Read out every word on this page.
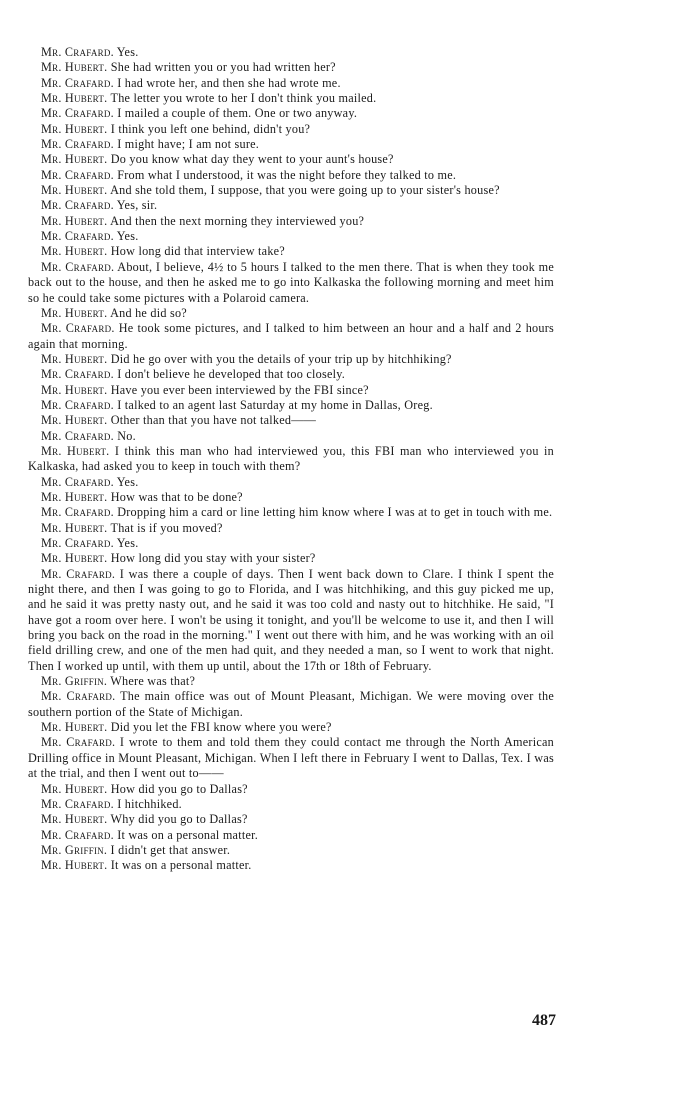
Mr. Crafard. Yes.

Mr. Hubert. She had written you or you had written her?

Mr. Crafard. I had wrote her, and then she had wrote me.

Mr. Hubert. The letter you wrote to her I don't think you mailed.

Mr. Crafard. I mailed a couple of them. One or two anyway.

Mr. Hubert. I think you left one behind, didn't you?

Mr. Crafard. I might have; I am not sure.

Mr. Hubert. Do you know what day they went to your aunt's house?

Mr. Crafard. From what I understood, it was the night before they talked to me.

Mr. Hubert. And she told them, I suppose, that you were going up to your sister's house?

Mr. Crafard. Yes, sir.

Mr. Hubert. And then the next morning they interviewed you?

Mr. Crafard. Yes.

Mr. Hubert. How long did that interview take?

Mr. Crafard. About, I believe, 4½ to 5 hours I talked to the men there. That is when they took me back out to the house, and then he asked me to go into Kalkaska the following morning and meet him so he could take some pictures with a Polaroid camera.

Mr. Hubert. And he did so?

Mr. Crafard. He took some pictures, and I talked to him between an hour and a half and 2 hours again that morning.

Mr. Hubert. Did he go over with you the details of your trip up by hitchhiking?

Mr. Crafard. I don't believe he developed that too closely.

Mr. Hubert. Have you ever been interviewed by the FBI since?

Mr. Crafard. I talked to an agent last Saturday at my home in Dallas, Oreg.

Mr. Hubert. Other than that you have not talked——

Mr. Crafard. No.

Mr. Hubert. I think this man who had interviewed you, this FBI man who interviewed you in Kalkaska, had asked you to keep in touch with them?

Mr. Crafard. Yes.

Mr. Hubert. How was that to be done?

Mr. Crafard. Dropping him a card or line letting him know where I was at to get in touch with me.

Mr. Hubert. That is if you moved?

Mr. Crafard. Yes.

Mr. Hubert. How long did you stay with your sister?

Mr. Crafard. I was there a couple of days. Then I went back down to Clare. I think I spent the night there, and then I was going to go to Florida, and I was hitchhiking, and this guy picked me up, and he said it was pretty nasty out, and he said it was too cold and nasty out to hitchhike. He said, "I have got a room over here. I won't be using it tonight, and you'll be welcome to use it, and then I will bring you back on the road in the morning." I went out there with him, and he was working with an oil field drilling crew, and one of the men had quit, and they needed a man, so I went to work that night. Then I worked up until, with them up until, about the 17th or 18th of February.

Mr. Griffin. Where was that?

Mr. Crafard. The main office was out of Mount Pleasant, Michigan. We were moving over the southern portion of the State of Michigan.

Mr. Hubert. Did you let the FBI know where you were?

Mr. Crafard. I wrote to them and told them they could contact me through the North American Drilling office in Mount Pleasant, Michigan. When I left there in February I went to Dallas, Tex. I was at the trial, and then I went out to——

Mr. Hubert. How did you go to Dallas?

Mr. Crafard. I hitchhiked.

Mr. Hubert. Why did you go to Dallas?

Mr. Crafard. It was on a personal matter.

Mr. Griffin. I didn't get that answer.

Mr. Hubert. It was on a personal matter.

487
